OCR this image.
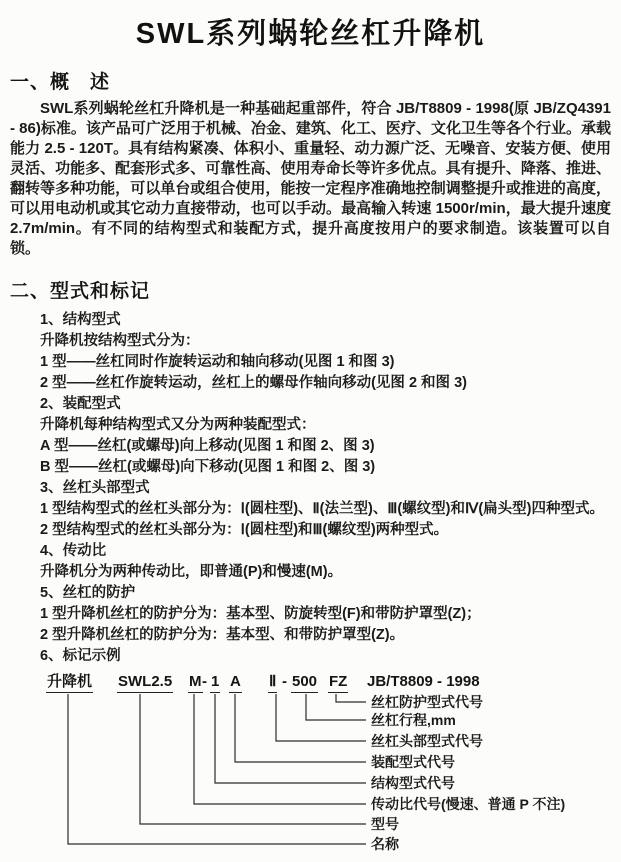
SWL系列蜗轮丝杠升降机
一、概　述

SWL系列蜗轮丝杠升降机是一种基础起重部件，符合 JB/T8809 - 1998(原 JB/ZQ4391 - 86)标准。该产品可广泛用于机械、冶金、建筑、化工、医疗、文化卫生等各个行业。承载能力 2.5 - 120T。具有结构紧凑、体积小、重量轻、动力源广泛、无噪音、安装方便、使用灵活、功能多、配套形式多、可靠性高、使用寿命长等许多优点。具有提升、降落、推进、翻转等多种功能，可以单台或组合使用，能按一定程序准确地控制调整提升或推进的高度，可以用电动机或其它动力直接带动，也可以手动。最高输入转速 1500r/min，最大提升速度 2.7m/min。有不同的结构型式和装配方式，提升高度按用户的要求制造。该装置可以自锁。

二、型式和标记
1、结构型式
升降机按结构型式分为：
1 型——丝杠同时作旋转运动和轴向移动(见图 1 和图 3)
2 型——丝杠作旋转运动，丝杠上的螺母作轴向移动(见图 2 和图 3)
2、装配型式
升降机每种结构型式又分为两种装配型式：
A 型——丝杠(或螺母)向上移动(见图 1 和图 2、图 3)
B 型——丝杠(或螺母)向下移动(见图 1 和图 2、图 3)
3、丝杠头部型式
1 型结构型式的丝杠头部分为：Ⅰ(圆柱型)、Ⅱ(法兰型)、Ⅲ(螺纹型)和Ⅳ(扁头型)四种型式。
2 型结构型式的丝杠头部分为：Ⅰ(圆柱型)和Ⅲ(螺纹型)两种型式。
4、传动比
升降机分为两种传动比，即普通(P)和慢速(M)。
5、丝杠的防护
1 型升降机丝杠的防护分为：基本型、防旋转型(F)和带防护罩型(Z)；
2 型升降机丝杠的防护分为：基本型、和带防护罩型(Z)。
6、标记示例
升降机 SWL2.5 M - 1 A Ⅱ - 500 FZ JB/T8809 - 1998
丝杠防护型式代号
丝杠行程,mm
丝杠头部型式代号
装配型式代号
结构型式代号
传动比代号(慢速、普通 P 不注)
型号
名称
